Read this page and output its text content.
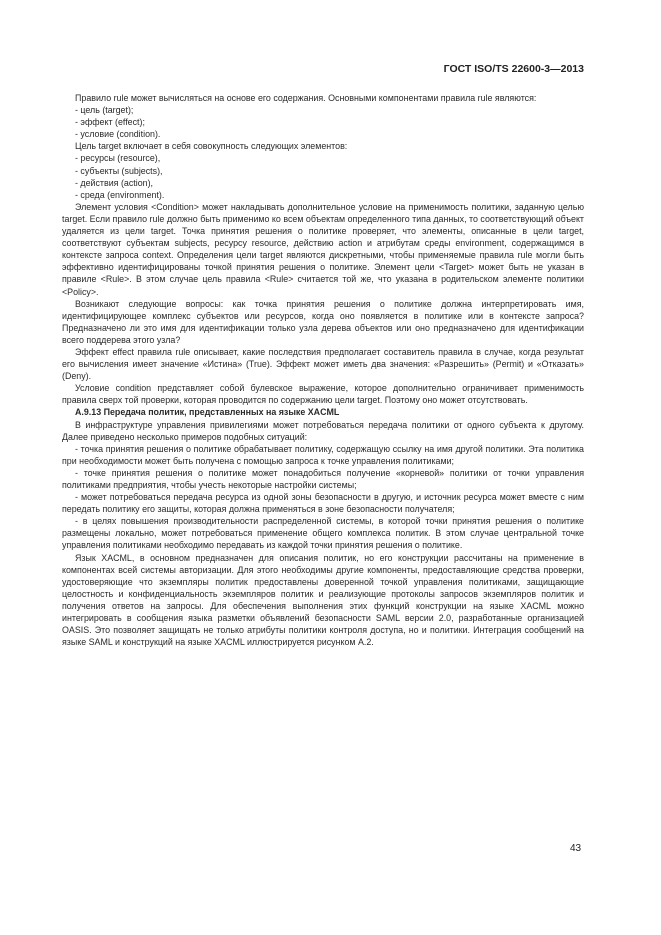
ГОСТ ISO/TS 22600-3—2013

Правило rule может вычисляться на основе его содержания. Основными компонентами правила rule являются:

- цель (target);

- эффект (effect);

- условие (condition).

Цель target включает в себя совокупность следующих элементов:

- ресурсы (resource),

- субъекты (subjects),

- действия (action),

- среда (environment).

Элемент условия <Condition> может накладывать дополнительное условие на применимость политики, заданную целью target. Если правило rule должно быть применимо ко всем объектам определенного типа данных, то соответствующий объект удаляется из цели target. Точка принятия решения о политике проверяет, что элементы, описанные в цели target, соответствуют субъектам subjects, ресурсу resource, действию action и атрибутам среды environment, содержащимся в контексте запроса context. Определения цели target являются дискретными, чтобы применяемые правила rule могли быть эффективно идентифицированы точкой принятия решения о политике. Элемент цели <Target> может быть не указан в правиле <Rule>. В этом случае цель правила <Rule> считается той же, что указана в родительском элементе политики <Policy>.

Возникают следующие вопросы: как точка принятия решения о политике должна интерпретировать имя, идентифицирующее комплекс субъектов или ресурсов, когда оно появляется в политике или в контексте запроса? Предназначено ли это имя для идентификации только узла дерева объектов или оно предназначено для идентификации всего поддерева этого узла?

Эффект effect правила rule описывает, какие последствия предполагает составитель правила в случае, когда результат его вычисления имеет значение «Истина» (True). Эффект может иметь два значения: «Разрешить» (Permit) и «Отказать» (Deny).

Условие condition представляет собой булевское выражение, которое дополнительно ограничивает применимость правила сверх той проверки, которая проводится по содержанию цели target. Поэтому оно может отсутствовать.

А.9.13 Передача политик, представленных на языке XACML

В инфраструктуре управления привилегиями может потребоваться передача политики от одного субъекта к другому. Далее приведено несколько примеров подобных ситуаций:

- точка принятия решения о политике обрабатывает политику, содержащую ссылку на имя другой политики. Эта политика при необходимости может быть получена с помощью запроса к точке управления политиками;

- точке принятия решения о политике может понадобиться получение «корневой» политики от точки управления политиками предприятия, чтобы учесть некоторые настройки системы;

- может потребоваться передача ресурса из одной зоны безопасности в другую, и источник ресурса может вместе с ним передать политику его защиты, которая должна применяться в зоне безопасности получателя;

- в целях повышения производительности распределенной системы, в которой точки принятия решения о политике размещены локально, может потребоваться применение общего комплекса политик. В этом случае центральной точке управления политиками необходимо передавать из каждой точки принятия решения о политике.

Язык XACML, в основном предназначен для описания политик, но его конструкции рассчитаны на применение в компонентах всей системы авторизации. Для этого необходимы другие компоненты, предоставляющие средства проверки, удостоверяющие что экземпляры политик предоставлены доверенной точкой управления политиками, защищающие целостность и конфиденциальность экземпляров политик и реализующие протоколы запросов экземпляров политик и получения ответов на запросы. Для обеспечения выполнения этих функций конструкции на языке XACML можно интегрировать в сообщения языка разметки объявлений безопасности SAML версии 2.0, разработанные организацией OASIS. Это позволяет защищать не только атрибуты политики контроля доступа, но и политики. Интеграция сообщений на языке SAML и конструкций на языке XACML иллюстрируется рисунком А.2.

43
